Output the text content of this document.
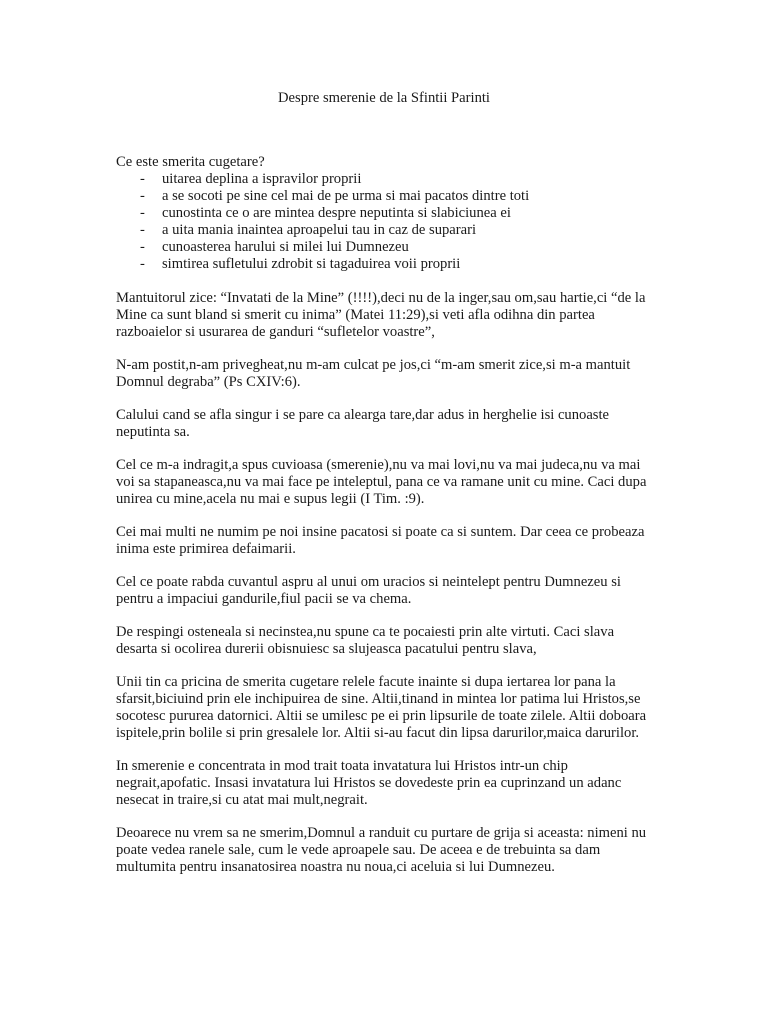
Despre smerenie de la Sfintii Parinti

Ce este smerita cugetare?

- uitarea deplina a ispravilor proprii
- a se socoti pe sine cel mai de pe urma si mai pacatos dintre toti
- cunostinta ce o are mintea despre neputinta si slabiciunea ei
- a uita mania inaintea aproapelui tau in caz de suparari
- cunoasterea harului si milei lui Dumnezeu
- simtirea sufletului zdrobit si tagaduirea voii proprii

Mantuitorul zice: “Invatati de la Mine” (!!!!),deci nu de la inger,sau om,sau hartie,ci “de la Mine ca sunt bland si smerit cu inima” (Matei 11:29),si veti afla odihna din partea razboaielor si usurarea de ganduri “sufletelor voastre”,

N-am postit,n-am privegheat,nu m-am culcat pe jos,ci “m-am smerit zice,si m-a mantuit Domnul degraba” (Ps CXIV:6).

Calului cand se afla singur i se pare ca alearga tare,dar adus in herghelie isi cunoaste neputinta sa.

Cel ce m-a indragit,a spus cuvioasa (smerenie),nu va mai lovi,nu va mai judeca,nu va mai voi sa stapaneasca,nu va mai face pe inteleptul, pana ce va ramane unit cu mine. Caci dupa unirea cu mine,acela nu mai e supus legii (I Tim. :9).

Cei mai multi ne numim pe noi insine pacatosi si poate ca si suntem. Dar ceea ce probeaza inima este primirea defaimarii.

Cel ce poate rabda cuvantul aspru al unui om uracios si neintelept pentru Dumnezeu si pentru a impaciui gandurile,fiul pacii se va chema.

De respingi osteneala si necinstea,nu spune ca te pocaiesti prin alte virtuti. Caci slava desarta si ocolirea durerii obisnuiesc sa slujeasca pacatului pentru slava,

Unii tin ca pricina de smerita cugetare relele facute inainte si dupa iertarea lor pana la sfarsit,biciuind prin ele inchipuirea de sine. Altii,tinand in mintea lor patima lui Hristos,se socotesc pururea datornici. Altii se umilesc pe ei prin lipsurile de toate zilele. Altii doboara ispitele,prin bolile si prin gresalele lor. Altii si-au facut din lipsa darurilor,maica darurilor.

In smerenie e concentrata in mod trait toata invatatura lui Hristos intr-un chip negrait,apofatic. Insasi invatatura lui Hristos se dovedeste prin ea cuprinzand un adanc nesecat in traire,si cu atat mai mult,negrait.

Deoarece nu vrem sa ne smerim,Domnul a randuit cu purtare de grija si aceasta: nimeni nu poate vedea ranele sale, cum le vede aproapele sau. De aceea e de trebuinta sa dam multumita pentru insanatosirea noastra nu noua,ci aceluia si lui Dumnezeu.
